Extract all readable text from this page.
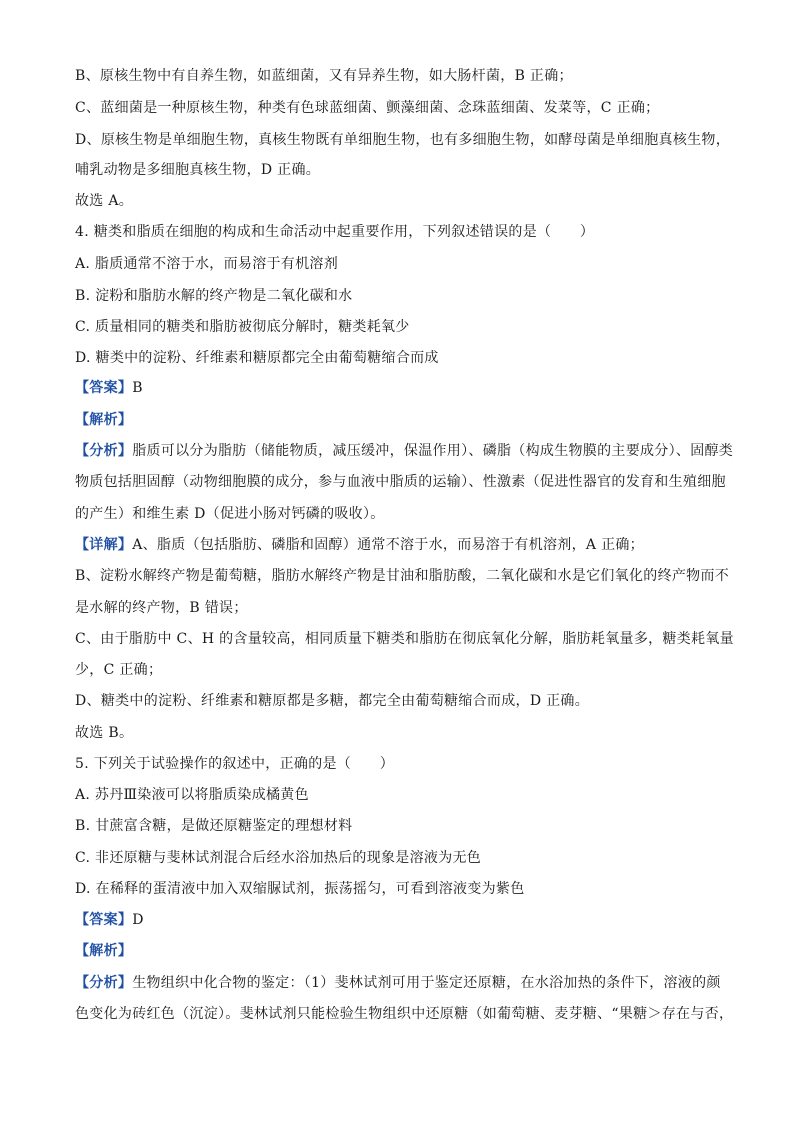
B、原核生物中有自养生物，如蓝细菌，又有异养生物，如大肠杆菌，B 正确；
C、蓝细菌是一种原核生物，种类有色球蓝细菌、颤藻细菌、念珠蓝细菌、发菜等，C 正确；
D、原核生物是单细胞生物，真核生物既有单细胞生物，也有多细胞生物，如酵母菌是单细胞真核生物，
哺乳动物是多细胞真核生物，D 正确。
故选 A。
4. 糖类和脂质在细胞的构成和生命活动中起重要作用，下列叙述错误的是（　　）
A. 脂质通常不溶于水，而易溶于有机溶剂
B. 淀粉和脂肪水解的终产物是二氧化碳和水
C. 质量相同的糖类和脂肪被彻底分解时，糖类耗氧少
D. 糖类中的淀粉、纤维素和糖原都完全由葡萄糖缩合而成
【答案】B
【解析】
【分析】脂质可以分为脂肪（储能物质，减压缓冲，保温作用）、磷脂（构成生物膜的主要成分）、固醇类
物质包括胆固醇（动物细胞膜的成分，参与血液中脂质的运输）、性激素（促进性器官的发育和生殖细胞
的产生）和维生素 D（促进小肠对钙磷的吸收）。
【详解】A、脂质（包括脂肪、磷脂和固醇）通常不溶于水，而易溶于有机溶剂，A 正确；
B、淀粉水解终产物是葡萄糖，脂肪水解终产物是甘油和脂肪酸，二氧化碳和水是它们氧化的终产物而不
是水解的终产物，B 错误；
C、由于脂肪中 C、H 的含量较高，相同质量下糖类和脂肪在彻底氧化分解，脂肪耗氧量多，糖类耗氧量
少，C 正确；
D、糖类中的淀粉、纤维素和糖原都是多糖，都完全由葡萄糖缩合而成，D 正确。
故选 B。
5. 下列关于试验操作的叙述中，正确的是（　　）
A. 苏丹Ⅲ染液可以将脂质染成橘黄色
B. 甘蔗富含糖，是做还原糖鉴定的理想材料
C. 非还原糖与斐林试剂混合后经水浴加热后的现象是溶液为无色
D. 在稀释的蛋清液中加入双缩脲试剂，振荡摇匀，可看到溶液变为紫色
【答案】D
【解析】
【分析】生物组织中化合物的鉴定：（1）斐林试剂可用于鉴定还原糖，在水浴加热的条件下，溶液的颜
色变化为砖红色（沉淀）。斐林试剂只能检验生物组织中还原糖（如葡萄糖、麦芽糖、“果糖＞存在与否，
